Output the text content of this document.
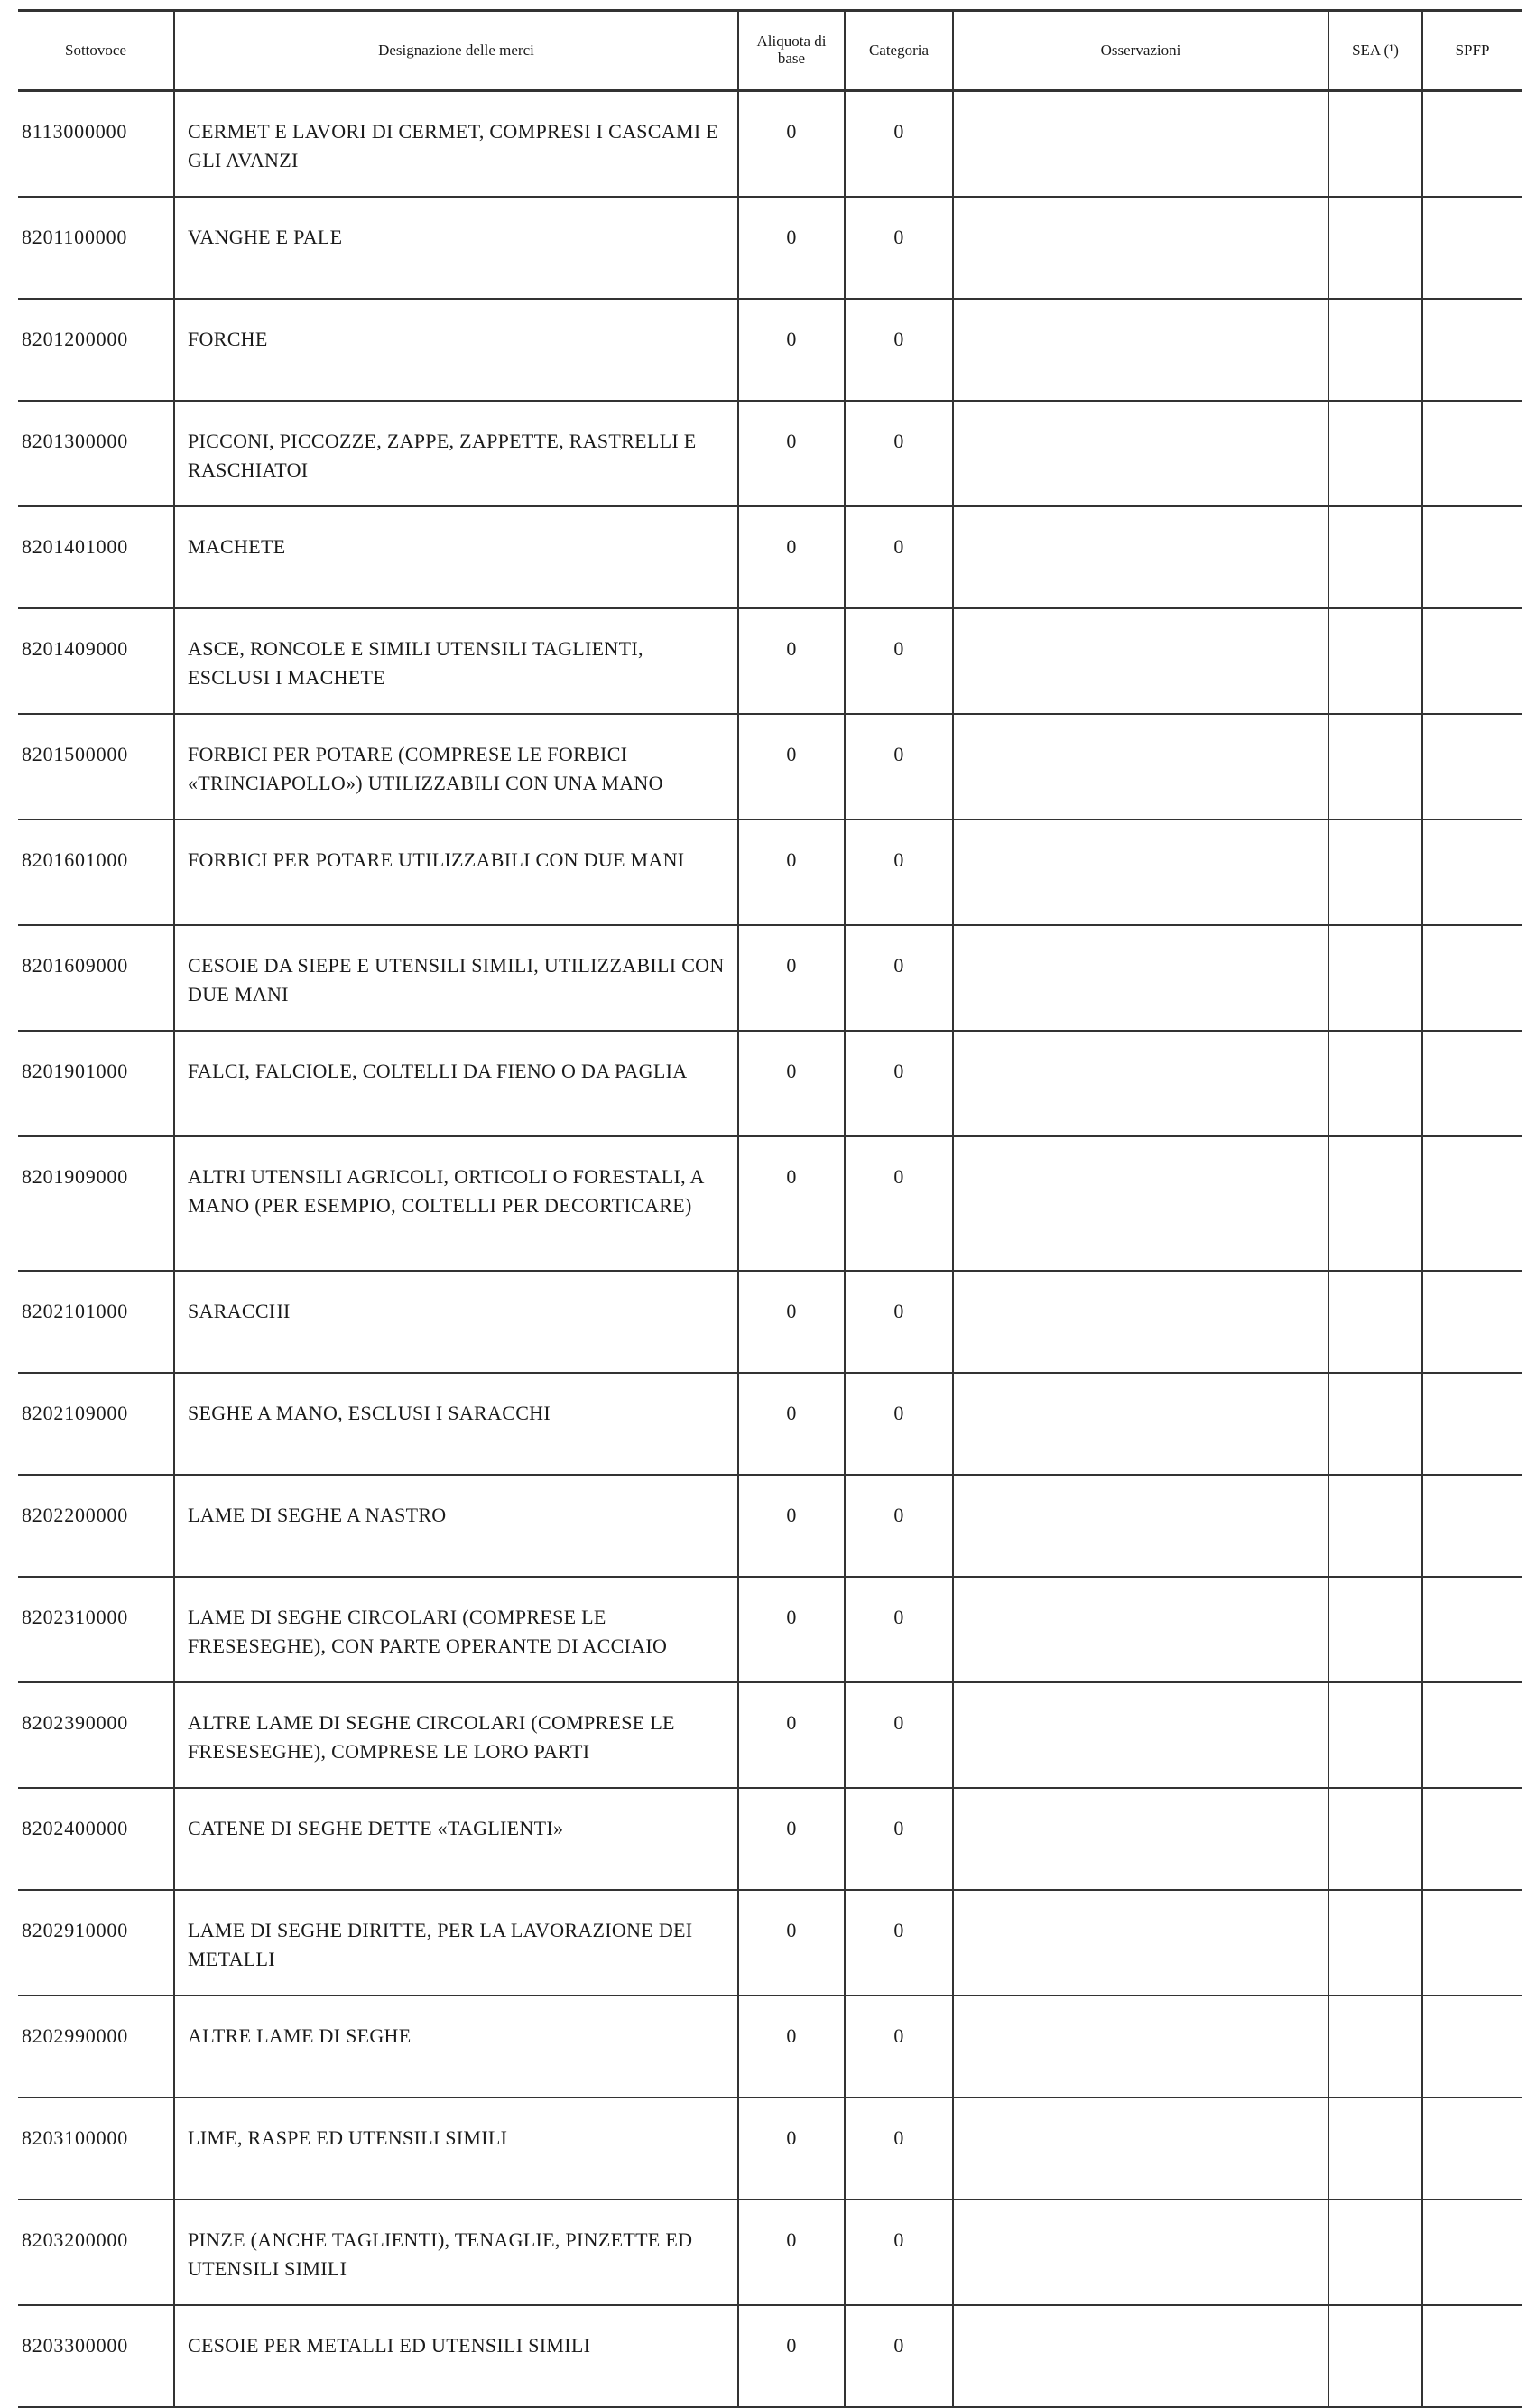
Sottovoce	Designazione delle merci	Aliquota di base	Categoria	Osservazioni	SEA (¹)	SPFP
8113000000	CERMET E LAVORI DI CERMET, COMPRESI I CASCAMI E GLI AVANZI	0	0			
8201100000	VANGHE E PALE	0	0			
8201200000	FORCHE	0	0			
8201300000	PICCONI, PICCOZZE, ZAPPE, ZAPPETTE, RASTRELLI E RASCHIATOI	0	0			
8201401000	MACHETE	0	0			
8201409000	ASCE, RONCOLE E SIMILI UTENSILI TAGLIENTI, ESCLUSI I MACHETE	0	0			
8201500000	FORBICI PER POTARE (COMPRESE LE FORBICI «TRINCIAPOLLO») UTILIZZABILI CON UNA MANO	0	0			
8201601000	FORBICI PER POTARE UTILIZZABILI CON DUE MANI	0	0			
8201609000	CESOIE DA SIEPE E UTENSILI SIMILI, UTILIZZABILI CON DUE MANI	0	0			
8201901000	FALCI, FALCIOLE, COLTELLI DA FIENO O DA PAGLIA	0	0			
8201909000	ALTRI UTENSILI AGRICOLI, ORTICOLI O FORESTALI, A MANO (PER ESEMPIO, COLTELLI PER DECORTICARE)	0	0			
8202101000	SARACCHI	0	0			
8202109000	SEGHE A MANO, ESCLUSI I SARACCHI	0	0			
8202200000	LAME DI SEGHE A NASTRO	0	0			
8202310000	LAME DI SEGHE CIRCOLARI (COMPRESE LE FRESESEGHE), CON PARTE OPERANTE DI ACCIAIO	0	0			
8202390000	ALTRE LAME DI SEGHE CIRCOLARI (COMPRESE LE FRESESEGHE), COMPRESE LE LORO PARTI	0	0			
8202400000	CATENE DI SEGHE DETTE «TAGLIENTI»	0	0			
8202910000	LAME DI SEGHE DIRITTE, PER LA LAVORAZIONE DEI METALLI	0	0			
8202990000	ALTRE LAME DI SEGHE	0	0			
8203100000	LIME, RASPE ED UTENSILI SIMILI	0	0			
8203200000	PINZE (ANCHE TAGLIENTI), TENAGLIE, PINZETTE ED UTENSILI SIMILI	0	0			
8203300000	CESOIE PER METALLI ED UTENSILI SIMILI	0	0			
